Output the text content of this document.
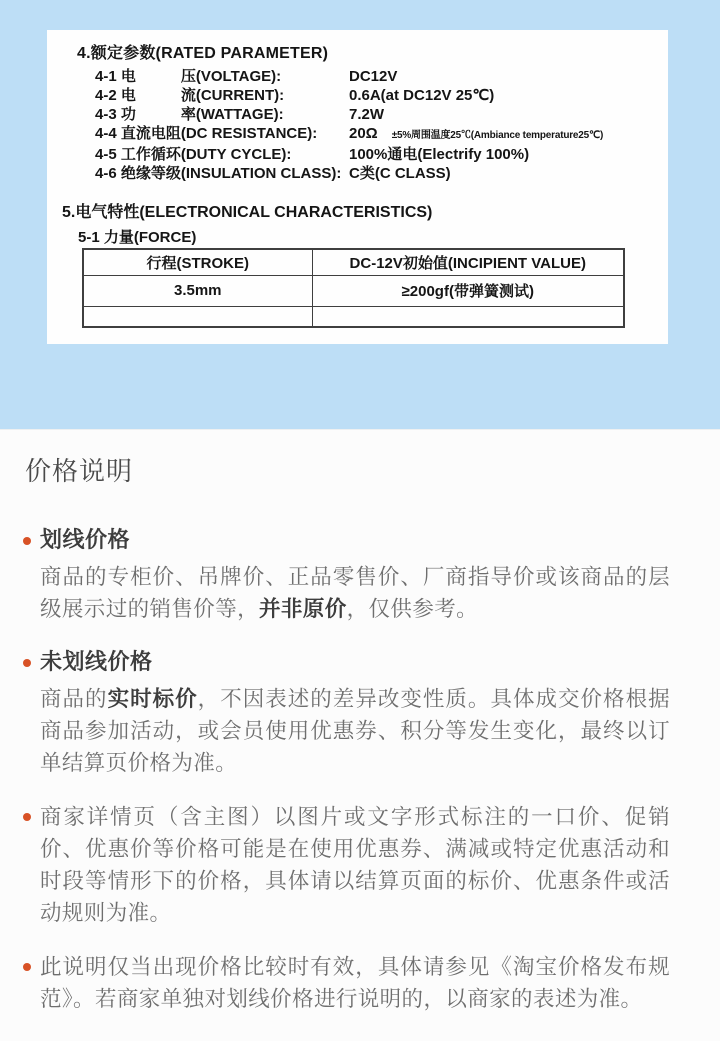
4.额定参数(RATED PARAMETER)
4-1 电　　　压(VOLTAGE):	DC12V
4-2 电　　　流(CURRENT):	0.6A(at DC12V 25℃)
4-3 功　　　率(WATTAGE):	7.2W
4-4 直流电阻(DC RESISTANCE):	20Ω ±5%周围温度25℃(Ambiance temperature25℃)
4-5 工作循环(DUTY CYCLE):	100%通电(Electrify 100%)
4-6 绝缘等级(INSULATION CLASS): C类(C CLASS)
5.电气特性(ELECTRONICAL CHARACTERISTICS)
5-1 力量(FORCE)
行程(STROKE)	DC-12V初始值(INCIPIENT VALUE)
3.5mm	≥200gf(带弹簧测试)

价格说明
划线价格
商品的专柜价、吊牌价、正品零售价、厂商指导价或该商品的层级展示过的销售价等，并非原价，仅供参考。
未划线价格
商品的实时标价，不因表述的差异改变性质。具体成交价格根据商品参加活动，或会员使用优惠券、积分等发生变化，最终以订单结算页价格为准。
商家详情页（含主图）以图片或文字形式标注的一口价、促销价、优惠价等价格可能是在使用优惠券、满减或特定优惠活动和时段等情形下的价格，具体请以结算页面的标价、优惠条件或活动规则为准。
此说明仅当出现价格比较时有效，具体请参见《淘宝价格发布规范》。若商家单独对划线价格进行说明的，以商家的表述为准。
